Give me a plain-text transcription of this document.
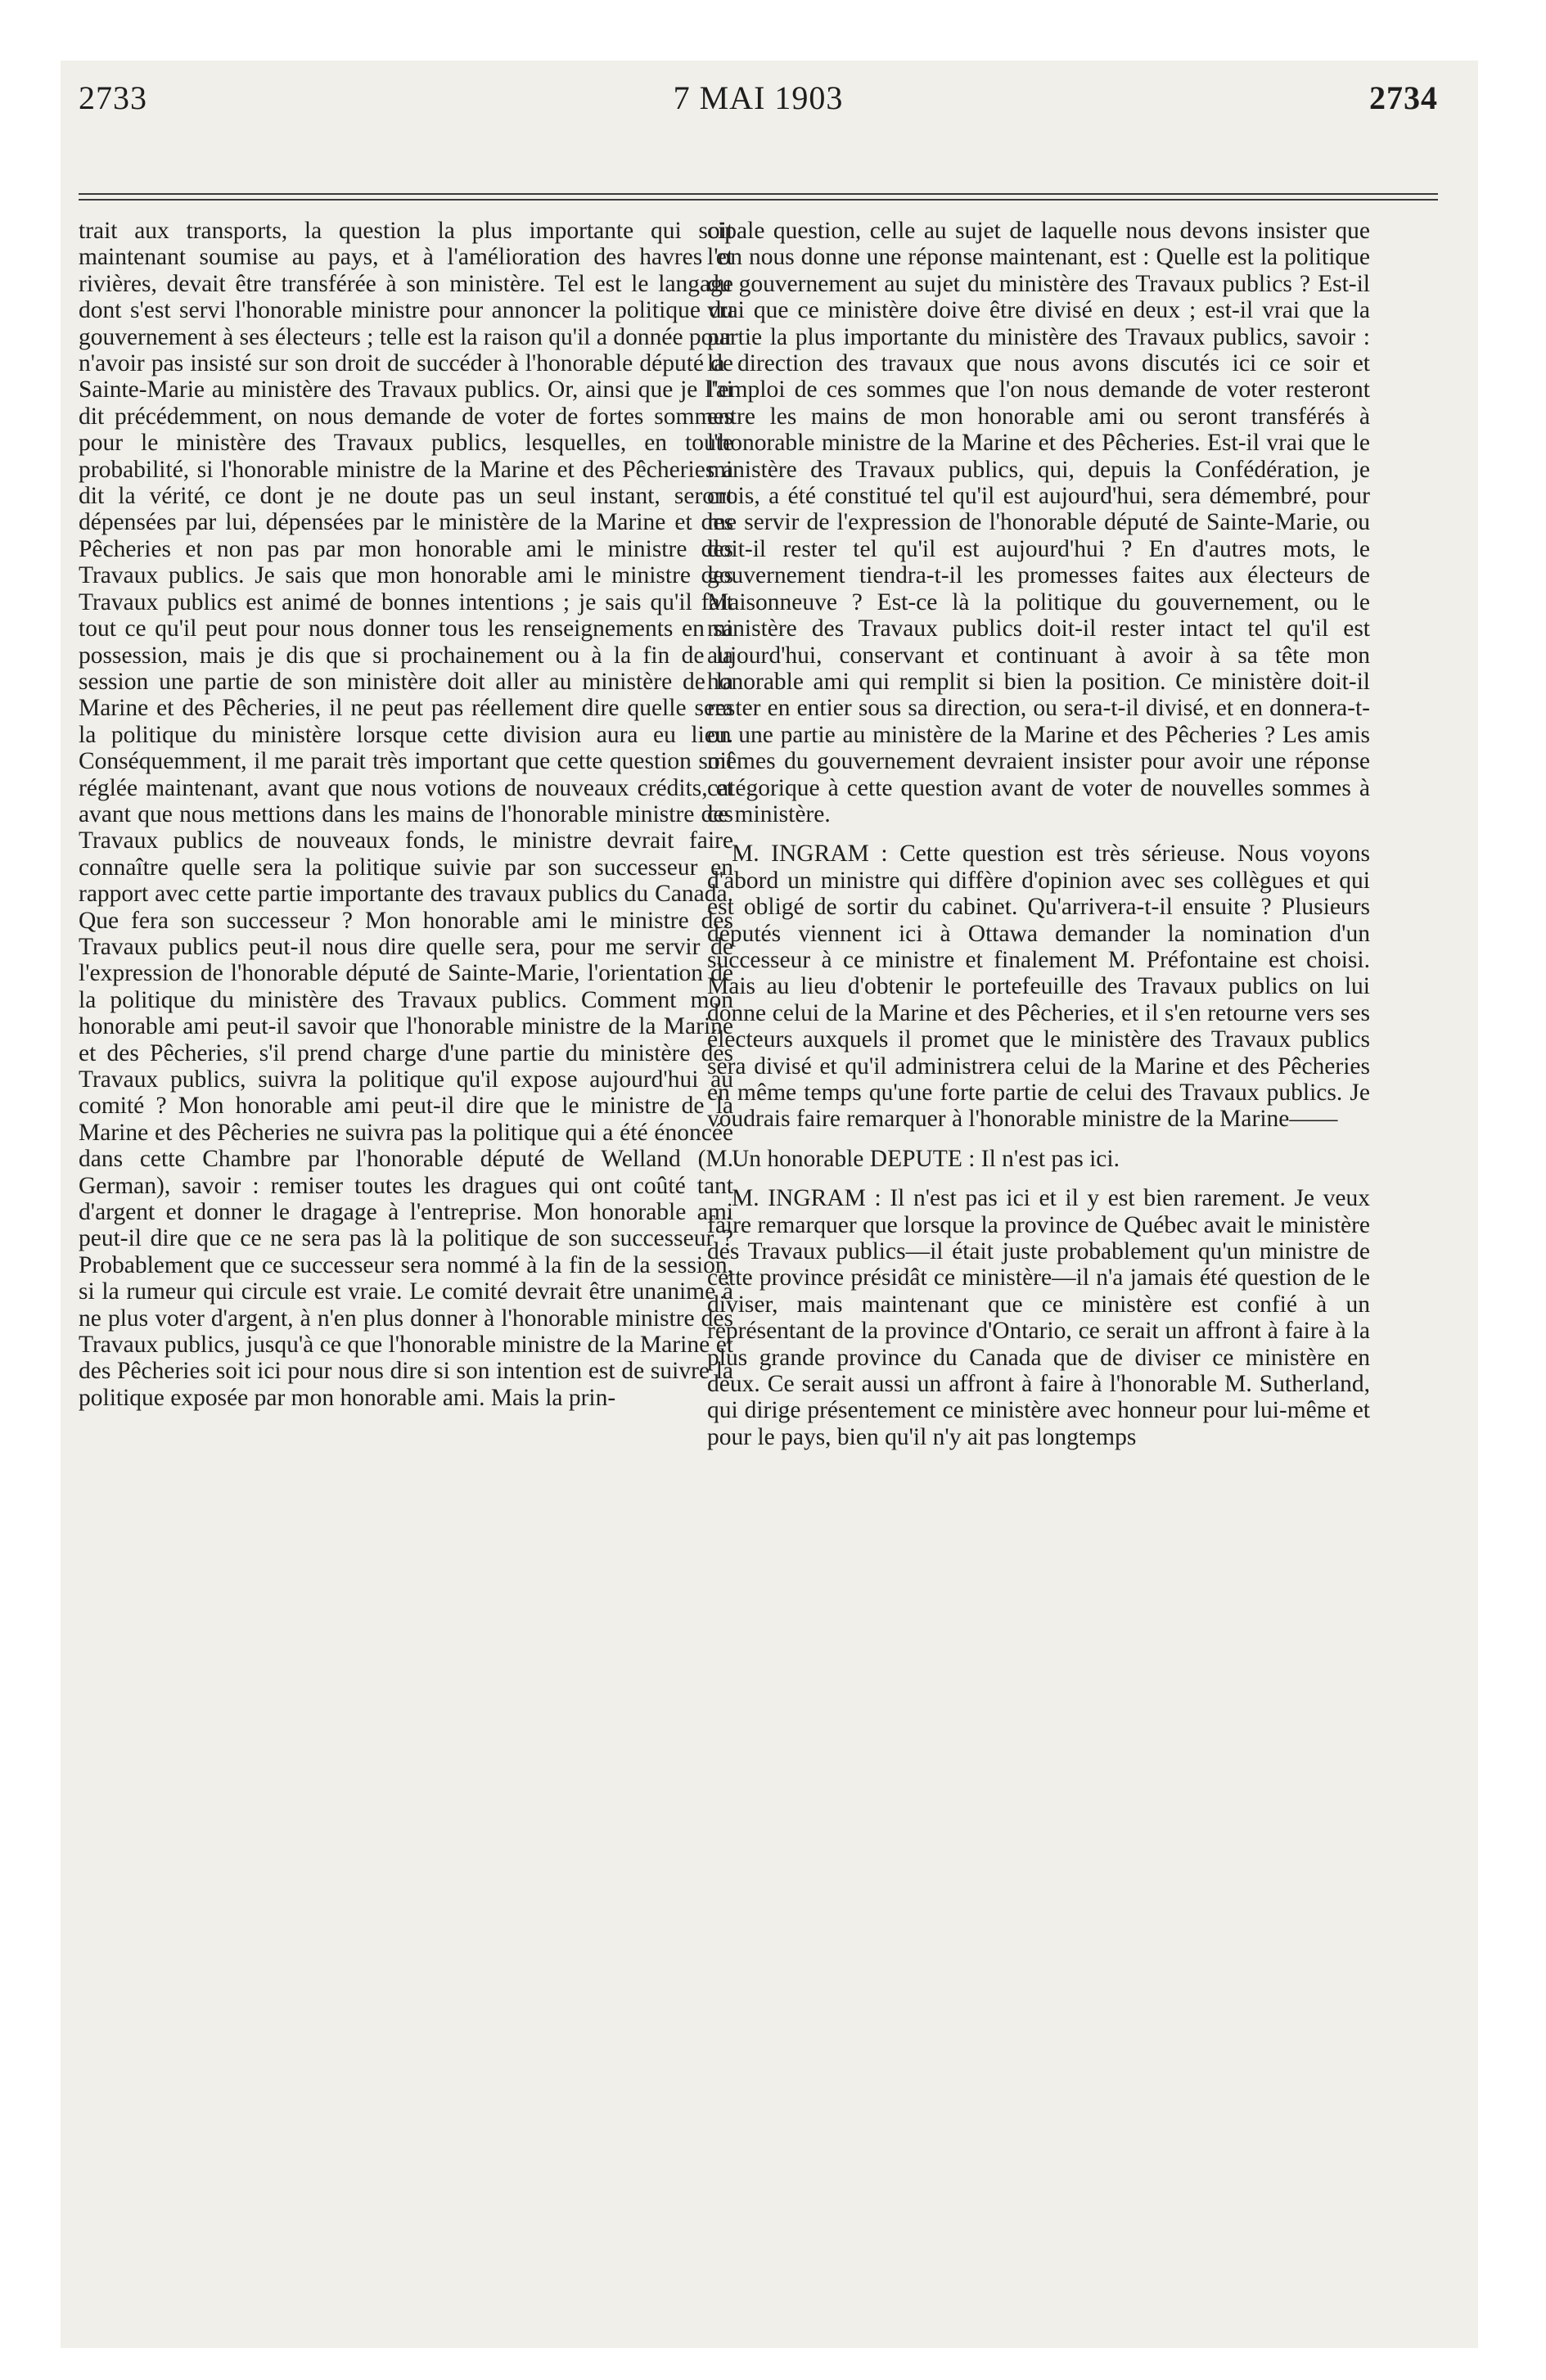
2733	7 MAI 1903	2734

trait aux transports, la question la plus importante qui soit maintenant soumise au pays, et à l'amélioration des havres et rivières, devait être transférée à son ministère. Tel est le langage dont s'est servi l'honorable ministre pour annoncer la politique du gouvernement à ses électeurs ; telle est la raison qu'il a donnée pour n'avoir pas insisté sur son droit de succéder à l'honorable député de Sainte-Marie au ministère des Travaux publics. Or, ainsi que je l'ai dit précédemment, on nous demande de voter de fortes sommes pour le ministère des Travaux publics, lesquelles, en toute probabilité, si l'honorable ministre de la Marine et des Pêcheries a dit la vérité, ce dont je ne doute pas un seul instant, seront dépensées par lui, dépensées par le ministère de la Marine et des Pêcheries et non pas par mon honorable ami le ministre des Travaux publics. Je sais que mon honorable ami le ministre des Travaux publics est animé de bonnes intentions ; je sais qu'il fait tout ce qu'il peut pour nous donner tous les renseignements en sa possession, mais je dis que si prochainement ou à la fin de la session une partie de son ministère doit aller au ministère de la Marine et des Pêcheries, il ne peut pas réellement dire quelle sera la politique du ministère lorsque cette division aura eu lieu. Conséquemment, il me parait très important que cette question soit réglée maintenant, avant que nous votions de nouveaux crédits, et avant que nous mettions dans les mains de l'honorable ministre des Travaux publics de nouveaux fonds, le ministre devrait faire connaître quelle sera la politique suivie par son successeur en rapport avec cette partie importante des travaux publics du Canada. Que fera son successeur ? Mon honorable ami le ministre des Travaux publics peut-il nous dire quelle sera, pour me servir de l'expression de l'honorable député de Sainte-Marie, l'orientation de la politique du ministère des Travaux publics. Comment mon honorable ami peut-il savoir que l'honorable ministre de la Marine et des Pêcheries, s'il prend charge d'une partie du ministère des Travaux publics, suivra la politique qu'il expose aujourd'hui au comité ? Mon honorable ami peut-il dire que le ministre de la Marine et des Pêcheries ne suivra pas la politique qui a été énoncée dans cette Chambre par l'honorable député de Welland (M. German), savoir : remiser toutes les dragues qui ont coûté tant d'argent et donner le dragage à l'entreprise. Mon honorable ami peut-il dire que ce ne sera pas là la politique de son successeur ? Probablement que ce successeur sera nommé à la fin de la session, si la rumeur qui circule est vraie. Le comité devrait être unanime à ne plus voter d'argent, à n'en plus donner à l'honorable ministre des Travaux publics, jusqu'à ce que l'honorable ministre de la Marine et des Pêcheries soit ici pour nous dire si son intention est de suivre la politique exposée par mon honorable ami. Mais la prin-

cipale question, celle au sujet de laquelle nous devons insister que l'on nous donne une réponse maintenant, est : Quelle est la politique du gouvernement au sujet du ministère des Travaux publics ? Est-il vrai que ce ministère doive être divisé en deux ; est-il vrai que la partie la plus importante du ministère des Travaux publics, savoir : la direction des travaux que nous avons discutés ici ce soir et l'emploi de ces sommes que l'on nous demande de voter resteront entre les mains de mon honorable ami ou seront transférés à l'honorable ministre de la Marine et des Pêcheries. Est-il vrai que le ministère des Travaux publics, qui, depuis la Confédération, je crois, a été constitué tel qu'il est aujourd'hui, sera démembré, pour me servir de l'expression de l'honorable député de Sainte-Marie, ou doit-il rester tel qu'il est aujourd'hui ? En d'autres mots, le gouvernement tiendra-t-il les promesses faites aux électeurs de Maisonneuve ? Est-ce là la politique du gouvernement, ou le ministère des Travaux publics doit-il rester intact tel qu'il est aujourd'hui, conservant et continuant à avoir à sa tête mon honorable ami qui remplit si bien la position. Ce ministère doit-il rester en entier sous sa direction, ou sera-t-il divisé, et en donnera-t-on une partie au ministère de la Marine et des Pêcheries ? Les amis mêmes du gouvernement devraient insister pour avoir une réponse catégorique à cette question avant de voter de nouvelles sommes à ce ministère.

M. INGRAM : Cette question est très sérieuse. Nous voyons d'abord un ministre qui diffère d'opinion avec ses collègues et qui est obligé de sortir du cabinet. Qu'arrivera-t-il ensuite ? Plusieurs députés viennent ici à Ottawa demander la nomination d'un successeur à ce ministre et finalement M. Préfontaine est choisi. Mais au lieu d'obtenir le portefeuille des Travaux publics on lui donne celui de la Marine et des Pêcheries, et il s'en retourne vers ses électeurs auxquels il promet que le ministère des Travaux publics sera divisé et qu'il administrera celui de la Marine et des Pêcheries en même temps qu'une forte partie de celui des Travaux publics. Je voudrais faire remarquer à l'honorable ministre de la Marine——

Un honorable DEPUTE : Il n'est pas ici.

M. INGRAM : Il n'est pas ici et il y est bien rarement. Je veux faire remarquer que lorsque la province de Québec avait le ministère des Travaux publics—il était juste probablement qu'un ministre de cette province présidât ce ministère—il n'a jamais été question de le diviser, mais maintenant que ce ministère est confié à un représentant de la province d'Ontario, ce serait un affront à faire à la plus grande province du Canada que de diviser ce ministère en deux. Ce serait aussi un affront à faire à l'honorable M. Sutherland, qui dirige présentement ce ministère avec honneur pour lui-même et pour le pays, bien qu'il n'y ait pas longtemps
